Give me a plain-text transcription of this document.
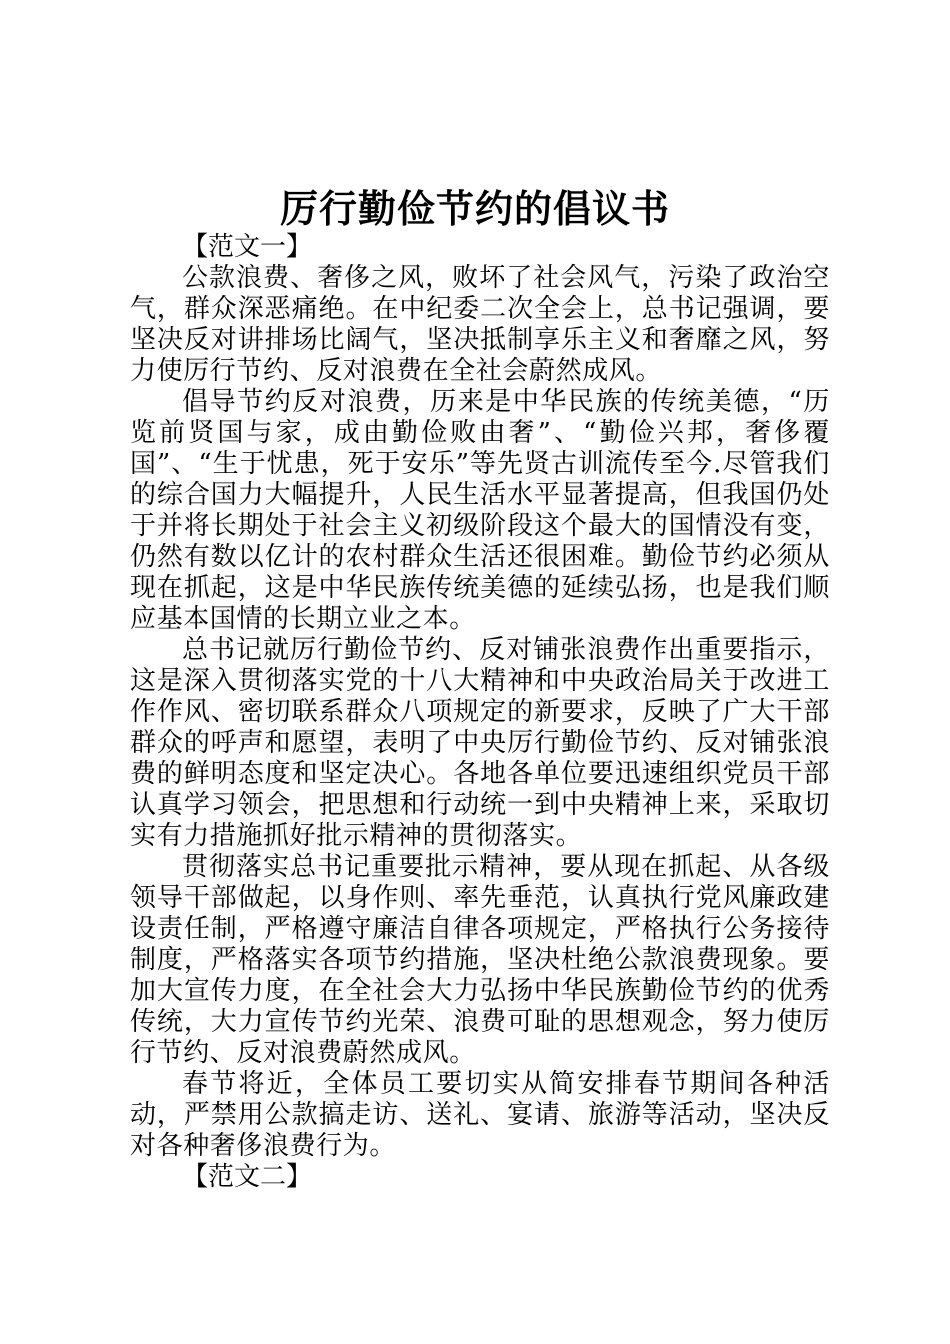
厉行勤俭节约的倡议书

【范文一】

公款浪费、奢侈之风，败坏了社会风气，污染了政治空气，群众深恶痛绝。在中纪委二次全会上，总书记强调，要坚决反对讲排场比阔气，坚决抵制享乐主义和奢靡之风，努力使厉行节约、反对浪费在全社会蔚然成风。

倡导节约反对浪费，历来是中华民族的传统美德，“历览前贤国与家，成由勤俭败由奢”、“勤俭兴邦，奢侈覆国”、“生于忧患，死于安乐”等先贤古训流传至今.尽管我们的综合国力大幅提升，人民生活水平显著提高，但我国仍处于并将长期处于社会主义初级阶段这个最大的国情没有变，仍然有数以亿计的农村群众生活还很困难。勤俭节约必须从现在抓起，这是中华民族传统美德的延续弘扬，也是我们顺应基本国情的长期立业之本。

总书记就厉行勤俭节约、反对铺张浪费作出重要指示，这是深入贯彻落实党的十八大精神和中央政治局关于改进工作作风、密切联系群众八项规定的新要求，反映了广大干部群众的呼声和愿望，表明了中央厉行勤俭节约、反对铺张浪费的鲜明态度和坚定决心。各地各单位要迅速组织党员干部认真学习领会，把思想和行动统一到中央精神上来，采取切实有力措施抓好批示精神的贯彻落实。

贯彻落实总书记重要批示精神，要从现在抓起、从各级领导干部做起，以身作则、率先垂范，认真执行党风廉政建设责任制，严格遵守廉洁自律各项规定，严格执行公务接待制度，严格落实各项节约措施，坚决杜绝公款浪费现象。要加大宣传力度，在全社会大力弘扬中华民族勤俭节约的优秀传统，大力宣传节约光荣、浪费可耻的思想观念，努力使厉行节约、反对浪费蔚然成风。

春节将近，全体员工要切实从简安排春节期间各种活动，严禁用公款搞走访、送礼、宴请、旅游等活动，坚决反对各种奢侈浪费行为。

【范文二】
